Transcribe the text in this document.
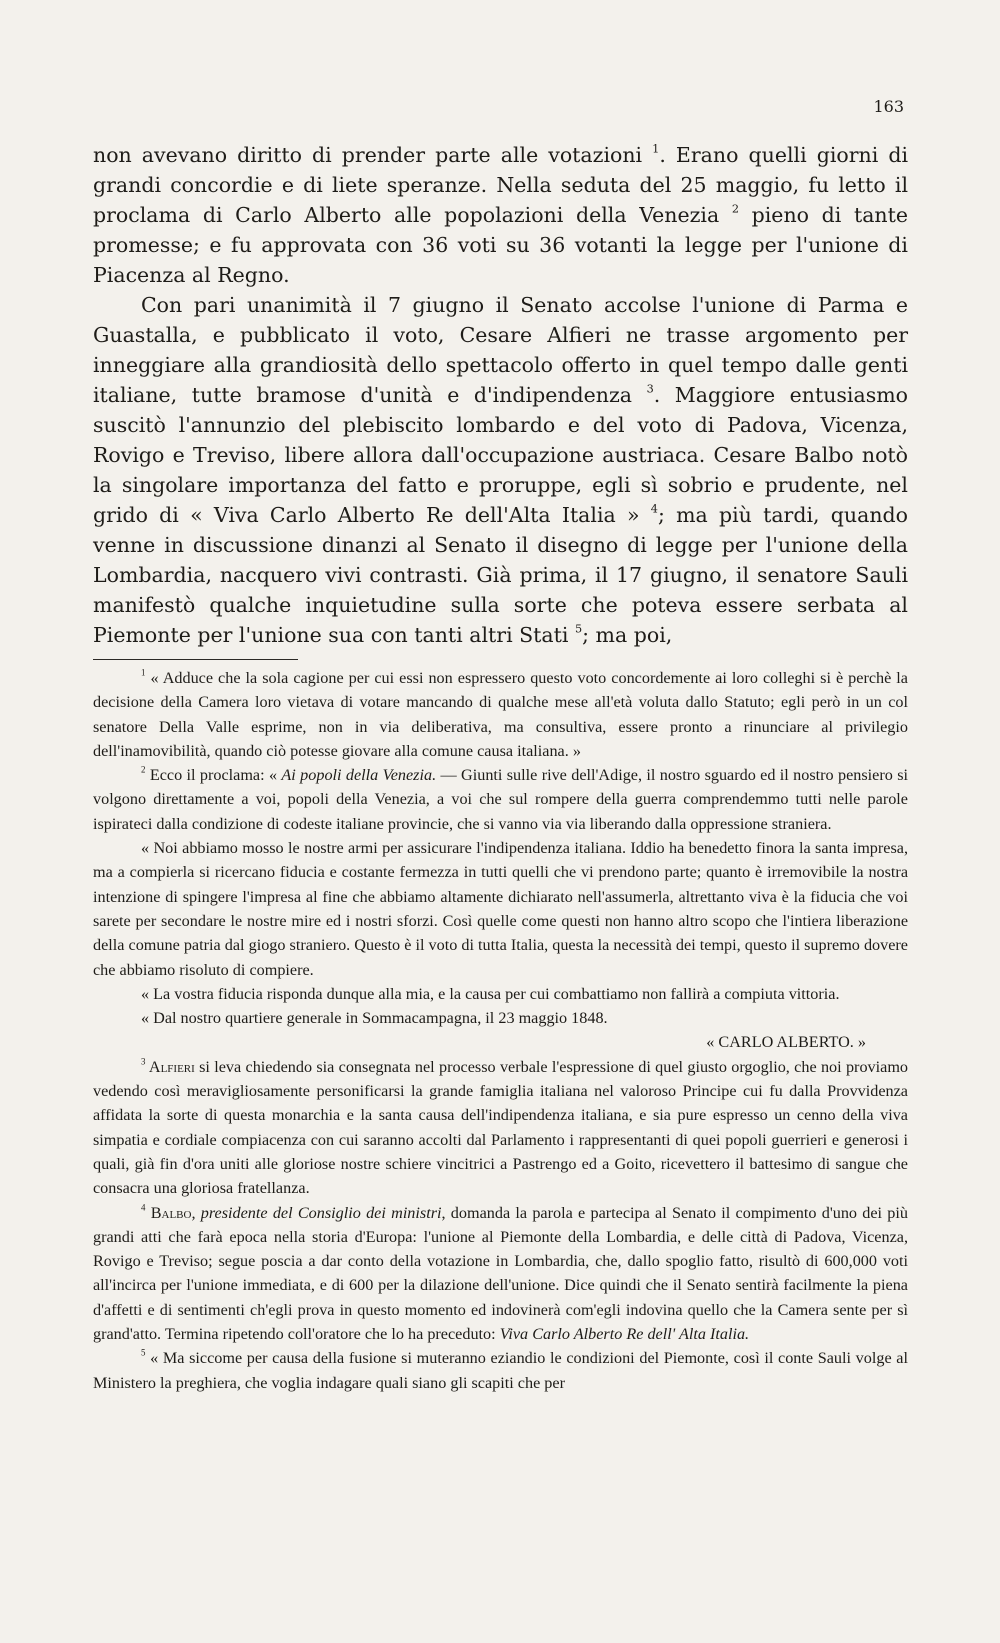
163

non avevano diritto di prender parte alle votazioni $^1$. Erano quelli giorni di grandi concordie e di liete speranze. Nella seduta del 25 maggio, fu letto il proclama di Carlo Alberto alle popolazioni della Venezia $^2$ pieno di tante promesse; e fu approvata con 36 voti su 36 votanti la legge per l'unione di Piacenza al Regno.

Con pari unanimità il 7 giugno il Senato accolse l'unione di Parma e Guastalla, e pubblicato il voto, Cesare Alfieri ne trasse argomento per inneggiare alla grandiosità dello spettacolo offerto in quel tempo dalle genti italiane, tutte bramose d'unità e d'indipendenza $^3$. Maggiore entusiasmo suscitò l'annunzio del plebiscito lombardo e del voto di Padova, Vicenza, Rovigo e Treviso, libere allora dall'occupazione austriaca. Cesare Balbo notò la singolare importanza del fatto e proruppe, egli sì sobrio e prudente, nel grido di « Viva Carlo Alberto Re dell'Alta Italia » $^4$; ma più tardi, quando venne in discussione dinanzi al Senato il disegno di legge per l'unione della Lombardia, nacquero vivi contrasti. Già prima, il 17 giugno, il senatore Sauli manifestò qualche inquietudine sulla sorte che poteva essere serbata al Piemonte per l'unione sua con tanti altri Stati $^5$; ma poi,

$^1$ « Adduce che la sola cagione per cui essi non espressero questo voto concordemente ai loro colleghi si è perchè la decisione della Camera loro vietava di votare mancando di qualche mese all'età voluta dallo Statuto; egli però in un col senatore Della Valle esprime, non in via deliberativa, ma consultiva, essere pronto a rinunciare al privilegio dell'inamovibilità, quando ciò potesse giovare alla comune causa italiana. »

$^2$ Ecco il proclama: « Ai popoli della Venezia. — Giunti sulle rive dell'Adige, il nostro sguardo ed il nostro pensiero si volgono direttamente a voi, popoli della Venezia, a voi che sul rompere della guerra comprendemmo tutti nelle parole ispirateci dalla condizione di codeste italiane provincie, che si vanno via via liberando dalla oppressione straniera.

« Noi abbiamo mosso le nostre armi per assicurare l'indipendenza italiana. Iddio ha benedetto finora la santa impresa, ma a compierla si ricercano fiducia e costante fermezza in tutti quelli che vi prendono parte; quanto è irremovibile la nostra intenzione di spingere l'impresa al fine che abbiamo altamente dichiarato nell'assumerla, altrettanto viva è la fiducia che voi sarete per secondare le nostre mire ed i nostri sforzi. Così quelle come questi non hanno altro scopo che l'intiera liberazione della comune patria dal giogo straniero. Questo è il voto di tutta Italia, questa la necessità dei tempi, questo il supremo dovere che abbiamo risoluto di compiere.

« La vostra fiducia risponda dunque alla mia, e la causa per cui combattiamo non fallirà a compiuta vittoria.

« Dal nostro quartiere generale in Sommacampagna, il 23 maggio 1848.

« CARLO ALBERTO. »

$^3$ Alfieri si leva chiedendo sia consegnata nel processo verbale l'espressione di quel giusto orgoglio, che noi proviamo vedendo così meravigliosamente personificarsi la grande famiglia italiana nel valoroso Principe cui fu dalla Provvidenza affidata la sorte di questa monarchia e la santa causa dell'indipendenza italiana, e sia pure espresso un cenno della viva simpatia e cordiale compiacenza con cui saranno accolti dal Parlamento i rappresentanti di quei popoli guerrieri e generosi i quali, già fin d'ora uniti alle gloriose nostre schiere vincitrici a Pastrengo ed a Goito, ricevettero il battesimo di sangue che consacra una gloriosa fratellanza.

$^4$ Balbo, presidente del Consiglio dei ministri, domanda la parola e partecipa al Senato il compimento d'uno dei più grandi atti che farà epoca nella storia d'Europa: l'unione al Piemonte della Lombardia, e delle città di Padova, Vicenza, Rovigo e Treviso; segue poscia a dar conto della votazione in Lombardia, che, dallo spoglio fatto, risultò di 600,000 voti all'incirca per l'unione immediata, e di 600 per la dilazione dell'unione. Dice quindi che il Senato sentirà facilmente la piena d'affetti e di sentimenti ch'egli prova in questo momento ed indovinerà com'egli indovina quello che la Camera sente per sì grand'atto. Termina ripetendo coll'oratore che lo ha preceduto: Viva Carlo Alberto Re dell' Alta Italia.

$^5$ « Ma siccome per causa della fusione si muteranno eziandio le condizioni del Piemonte, così il conte Sauli volge al Ministero la preghiera, che voglia indagare quali siano gli scapiti che per
